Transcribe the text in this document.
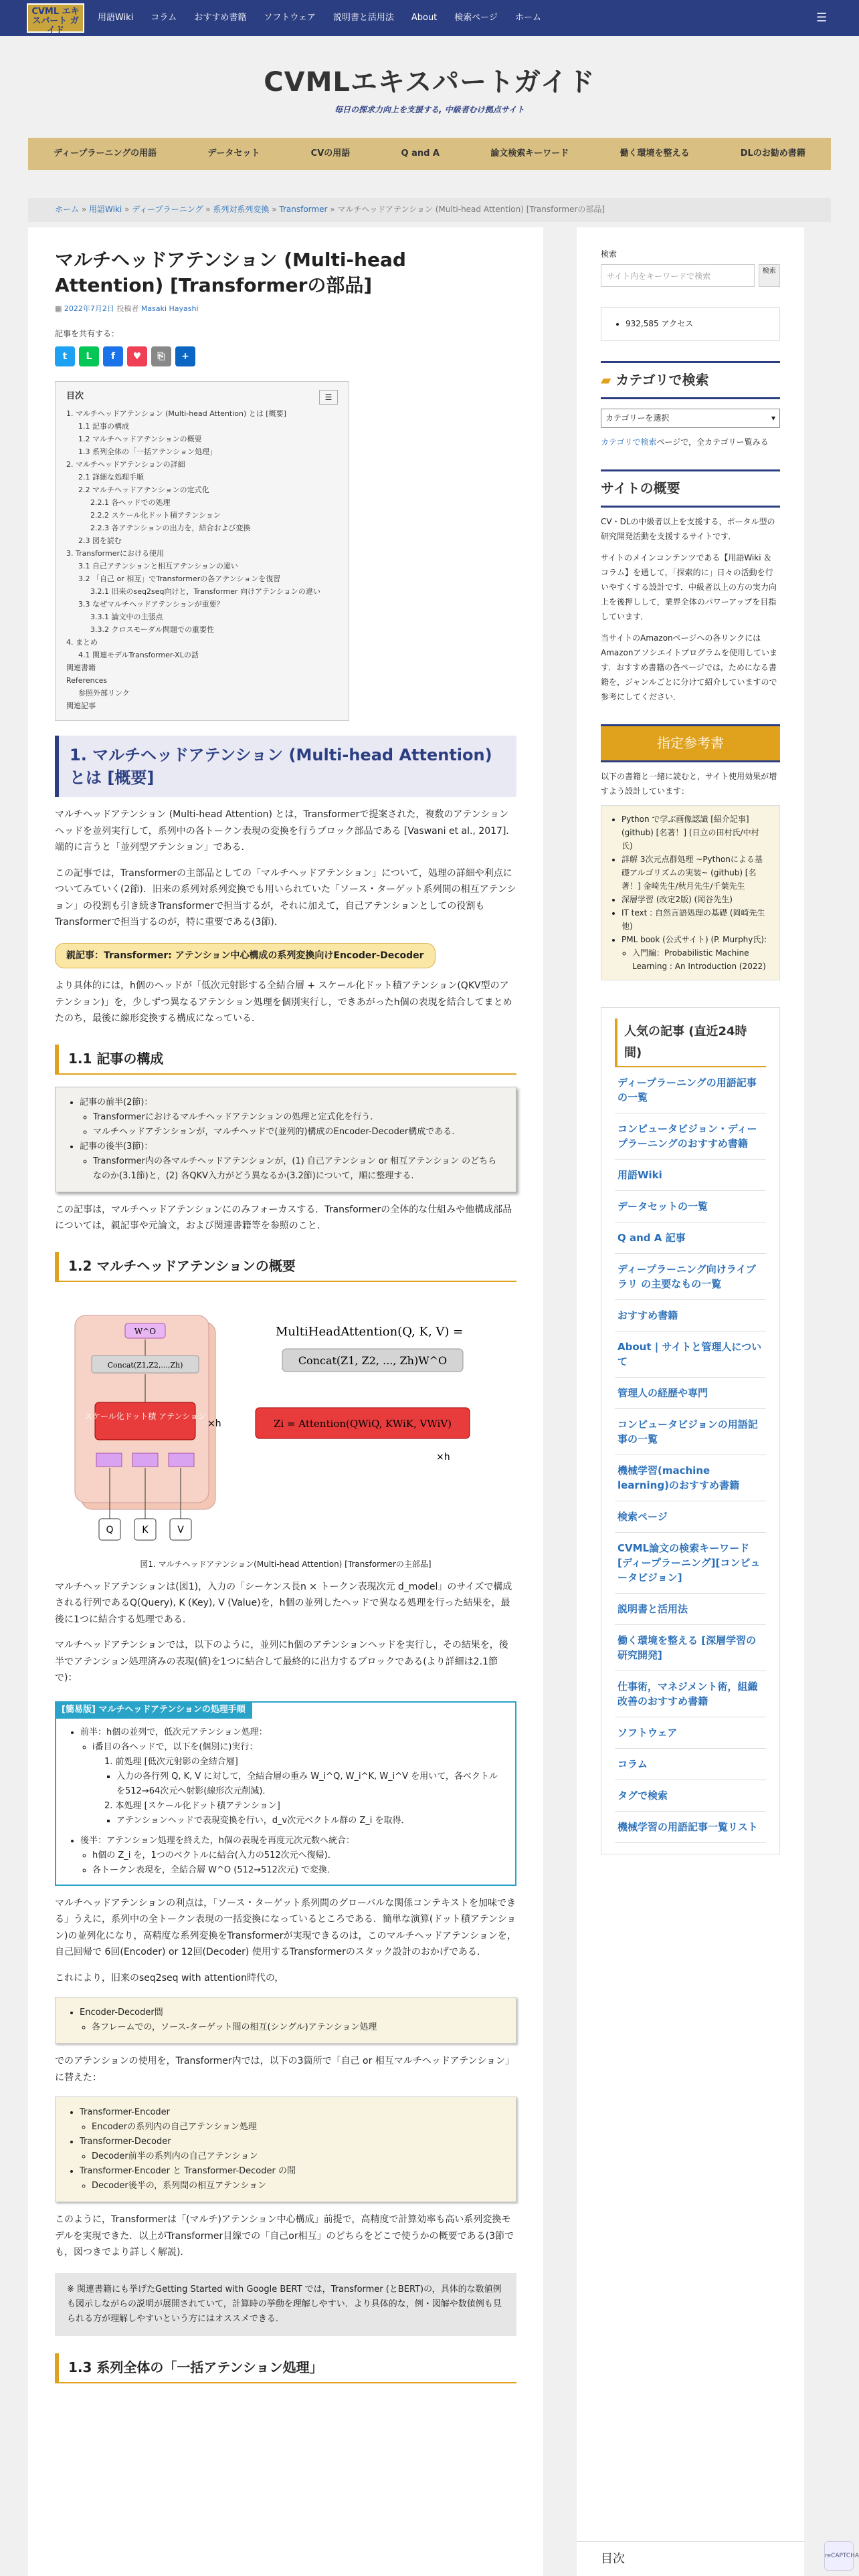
CVML エキスパート ガイド
用語Wiki コラム おすすめ書籍 ソフトウェア 説明書と活用法 About 検索ページ ホーム	☰
CVMLエキスパートガイド
毎日の探求力向上を支援する, 中級者むけ拠点サイト
ディープラーニングの用語	データセット	CVの用語	Q and A	論文検索キーワード	働く環境を整える	DLのお勧め書籍
ホーム » 用語Wiki » ディープラーニング » 系列対系列変換 » Transformer » マルチヘッドアテンション (Multi-head Attention) [Transformerの部品]
マルチヘッドアテンション (Multi-head Attention) [Transformerの部品]
▦ 2022年7月2日 投稿者 Masaki Hayashi
記事を共有する：
t	L	f	♥	⎘	+
目次	☰
1. マルチヘッドアテンション (Multi-head Attention) とは [概要]
1.1 記事の構成
1.2 マルチヘッドアテンションの概要
1.3 系列全体の「一括アテンション処理」
2. マルチヘッドアテンションの詳細
2.1 詳細な処理手順
2.2 マルチヘッドアテンションの定式化
2.2.1 各ヘッドでの処理
2.2.2 スケール化ドット積アテンション
2.2.3 各アテンションの出力を，結合および変換
2.3 図を読む
3. Transformerにおける使用
3.1 自己アテンションと相互アテンションの違い
3.2 「自己 or 相互」でTransformerの各アテンションを復習
3.2.1 旧来のseq2seq向けと，Transformer 向けアテンションの違い
3.3 なぜマルチヘッドアテンションが重要？
3.3.1 論文中の主張点
3.3.2 クロスモーダル問題での重要性
4. まとめ
4.1 関連モデルTransformer-XLの話
関連書籍
References
参照外部リンク
関連記事
1. マルチヘッドアテンション (Multi-head Attention) とは [概要]

マルチヘッドアテンション (Multi-head Attention) とは，Transformerで提案された，複数のアテンションヘッドを並列実行して，系列中の各トークン表現の変換を行うブロック部品である [Vaswani et al., 2017]．端的に言うと「並列型アテンション」である．

この記事では，Transformerの主部品としての「マルチヘッドアテンション」について，処理の詳細や利点についてみていく(2節)．旧来の系列対系列変換でも用いられていた「ソース・ターゲット系列間の相互アテンション」の役割も引き続きTransformerで担当するが，それに加えて，自己アテンションとしての役割もTransformerで担当するのが，特に重要である(3節)．

親記事：Transformer: アテンション中心構成の系列変換向けEncoder-Decoder

より具体的には，h個のヘッドが「低次元射影する全結合層 + スケール化ドット積アテンション(QKV型のアテンション)」を，少しずつ異なるアテンション処理を個別実行し，できあがったh個の表現を結合してまとめたのち，最後に線形変換する構成になっている．

1.1 記事の構成
• 記事の前半(2節)：
◦ Transformerにおけるマルチヘッドアテンションの処理と定式化を行う.
◦ マルチヘッドアテンションが，マルチヘッドで(並列的)構成のEncoder-Decoder構成である.
• 記事の後半(3節)：
◦ Transformer内の各マルチヘッドアテンションが，(1) 自己アテンション or 相互アテンション のどちらなのか(3.1節)と，(2) 各QKV入力がどう異なるか(3.2節)について，順に整理する.

この記事は，マルチヘッドアテンションにのみフォーカスする．Transformerの全体的な仕組みや他構成部品については，親記事や元論文，および関連書籍等を参照のこと．

1.2 マルチヘッドアテンションの概要
W^O
Concat(Z1,Z2,...,Zh)
スケール化ドット積 アテンション
×h
Q	K	V
MultiHeadAttention(Q, K, V) =
Concat(Z1, Z2, ..., Zh)W^O
Zi = Attention(QWiQ, KWiK, VWiV)
×h
図1. マルチヘッドアテンション(Multi-head Attention) [Transformerの主部品]

マルチヘッドアテンションは(図1)，入力の「シーケンス長n × トークン表現次元 d_model」のサイズで構成される行列であるQ(Query), K (Key), V (Value)を，h個の並列したヘッドで異なる処理を行った結果を，最後に1つに結合する処理である．

マルチヘッドアテンションでは，以下のように，並列にh個のアテンションヘッドを実行し，その結果を，後半でアテンション処理済みの表現(値)を1つに結合して最終的に出力するブロックである(より詳細は2.1節で)：

[簡易版] マルチヘッドアテンションの処理手順
• 前半：h個の並列で，低次元アテンション処理：
◦ i番目の各ヘッドで，以下を(個別に)実行：
1. 前処理 [低次元射影の全結合層]
▪ 入力の各行列 Q, K, V に対して，全結合層の重み W_i^Q, W_i^K, W_i^V を用いて，各ベクトルを512→64次元へ射影(線形次元削減)．
2. 本処理 [スケール化ドット積アテンション]
▪ アテンションヘッドで表現変換を行い，d_v次元ベクトル群の Z_i を取得．
• 後半：アテンション処理を終えた，h個の表現を再度元次元数へ統合：
◦ h個の Z_i を，1つのベクトルに結合(入力の512次元へ復帰)．
◦ 各トークン表現を，全結合層 W^O (512→512次元) で変換．

マルチヘッドアテンションの利点は，「ソース・ターゲット系列間のグローバルな関係コンテキストを加味できる」うえに，系列中の全トークン表現の一括変換になっているところである．簡単な演算(ドット積アテンション)の並列化になり，高精度な系列変換をTransformerが実現できるのは，このマルチヘッドアテンションを，自己回帰で 6回(Encoder) or 12回(Decoder) 使用するTransformerのスタック設計のおかげである．

これにより，旧来のseq2seq with attention時代の，

• Encoder-Decoder間
◦ 各フレームでの，ソース-ターゲット間の相互(シングル)アテンション処理

でのアテンションの使用を，Transformer内では，以下の3箇所で「自己 or 相互マルチヘッドアテンション」に替えた：

• Transformer-Encoder
◦ Encoderの系列内の自己アテンション処理
• Transformer-Decoder
◦ Decoder前半の系列内の自己アテンション
• Transformer-Encoder と Transformer-Decoder の間
◦ Decoder後半の，系列間の相互アテンション

このように，Transformerは「(マルチ)アテンション中心構成」前提で，高精度で計算効率も高い系列変換モデルを実現できた．以上がTransformer目線での「自己or相互」のどちらをどこで使うかの概要である(3節でも，図つきでより詳しく解説)．

※ 関連書籍にも挙げたGetting Started with Google BERT では，Transformer (とBERT)の，具体的な数値例も図示しながらの説明が展開されていて，計算時の挙動を理解しやすい．より具体的な，例・図解や数値例も見られる方が理解しやすいという方にはオススメできる．
1.3 系列全体の「一括アテンション処理」
検索
サイト内をキーワードで検索
検索
• 932,585 アクセス
▰ カテゴリで検索
カテゴリーを選択	▾
カテゴリで検索ページで，全カテゴリー覧みる
サイトの概要
CV・DLの中級者以上を支援する，ポータル型の研究開発活動を支援するサイトです．
サイトのメインコンテンツである【用語Wiki ＆ コラム】を通して，「探索的に」日々の活動を行いやすくする設計です．中級者以上の方の実力向上を後押しして，業界全体のパワーアップを目指しています．
当サイトのAmazonページへの各リンクにはAmazonアソシエイトプログラムを使用しています．おすすめ書籍の各ページでは，ためになる書籍を，ジャンルごとに分けて紹介していますので参考にしてください．
指定参考書
以下の書籍と一緒に読むと，サイト使用効果が増すよう設計しています：
• Python で学ぶ画像認識 [紹介記事] (github) [名著！] (日立の田村氏/中村氏)
• 詳解 3次元点群処理 ~Pythonによる基礎アルゴリズムの実装~ (github) [名著！] 金崎先生/秋月先生/千葉先生
• 深層学習 (改定2版) (岡谷先生)
• IT text : 自然言語処理の基礎 (岡崎先生 他)
• PML book (公式サイト) (P. Murphy氏):
◦ 入門編：Probabilistic Machine Learning : An Introduction (2022)
人気の記事 (直近24時間)
ディープラーニングの用語記事の一覧
コンピュータビジョン・ディープラーニングのおすすめ書籍
用語Wiki
データセットの一覧
Q and A 記事
ディープラーニング向けライブラリ の主要なもの一覧
おすすめ書籍
About | サイトと管理人について
管理人の経歴や専門
コンピュータビジョンの用語記事の一覧
機械学習(machine learning)のおすすめ書籍
検索ページ
CVML論文の検索キーワード [ディープラーニング][コンピュータビジョン]
説明書と活用法
働く環境を整える [深層学習の研究開発]
仕事術，マネジメント術，組織改善のおすすめ書籍
ソフトウェア
コラム
タグで検索
機械学習の用語記事一覧リスト
目次	reCAPTCHA
